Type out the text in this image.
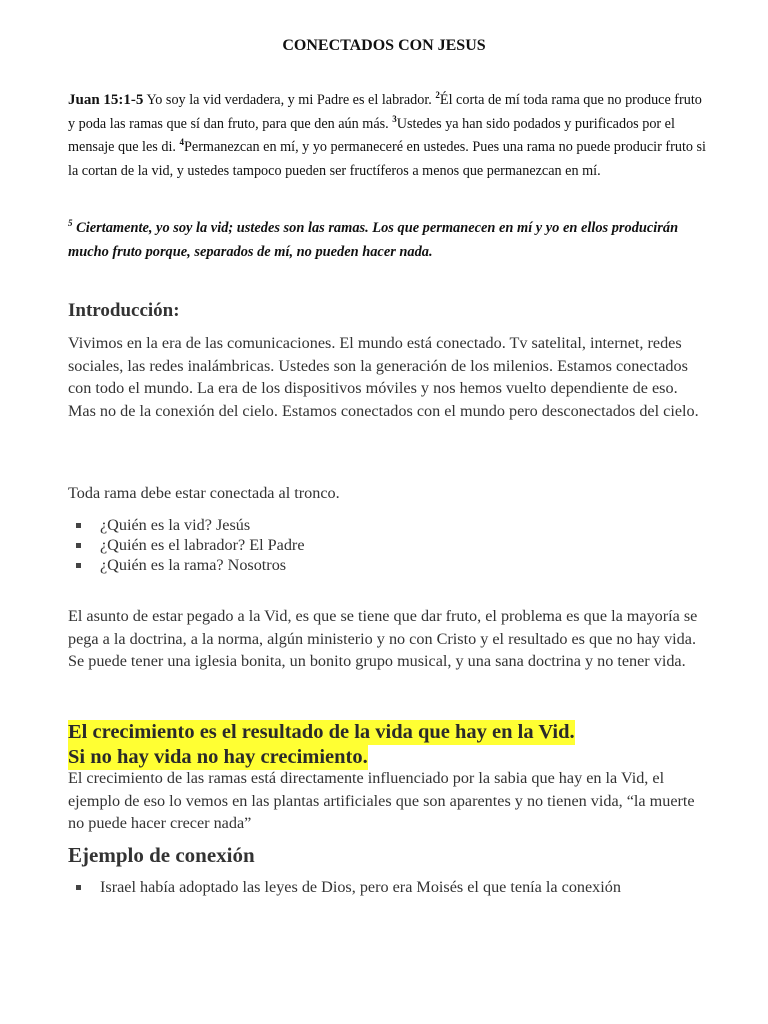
CONECTADOS CON JESUS
Juan 15:1-5 Yo soy la vid verdadera, y mi Padre es el labrador. $^2$Él corta de mí toda rama que no produce fruto y poda las ramas que sí dan fruto, para que den aún más. $^3$Ustedes ya han sido podados y purificados por el mensaje que les di. $^4$Permanezcan en mí, y yo permaneceré en ustedes. Pues una rama no puede producir fruto si la cortan de la vid, y ustedes tampoco pueden ser fructíferos a menos que permanezcan en mí.
$^5$ Ciertamente, yo soy la vid; ustedes son las ramas. Los que permanecen en mí y yo en ellos producirán mucho fruto porque, separados de mí, no pueden hacer nada.
Introducción:
Vivimos en la era de las comunicaciones. El mundo está conectado. Tv satelital, internet, redes sociales, las redes inalámbricas. Ustedes son la generación de los milenios. Estamos conectados con todo el mundo. La era de los dispositivos móviles y nos hemos vuelto dependiente de eso. Mas no de la conexión del cielo. Estamos conectados con el mundo pero desconectados del cielo.
Toda rama debe estar conectada al tronco.
¿Quién es la vid? Jesús
¿Quién es el labrador? El Padre
¿Quién es la rama? Nosotros
El asunto de estar pegado a la Vid, es que se tiene que dar fruto, el problema es que la mayoría se pega a la doctrina, a la norma, algún ministerio y no con Cristo y el resultado es que no hay vida. Se puede tener una iglesia bonita, un bonito grupo musical, y una sana doctrina y no tener vida.
El crecimiento es el resultado de la vida que hay en la Vid.
Si no hay vida no hay crecimiento.
El crecimiento de las ramas está directamente influenciado por la sabia que hay en la Vid, el ejemplo de eso lo vemos en las plantas artificiales que son aparentes y no tienen vida, “la muerte no puede hacer crecer nada”
Ejemplo de conexión
Israel había adoptado las leyes de Dios, pero era Moisés el que tenía la conexión
